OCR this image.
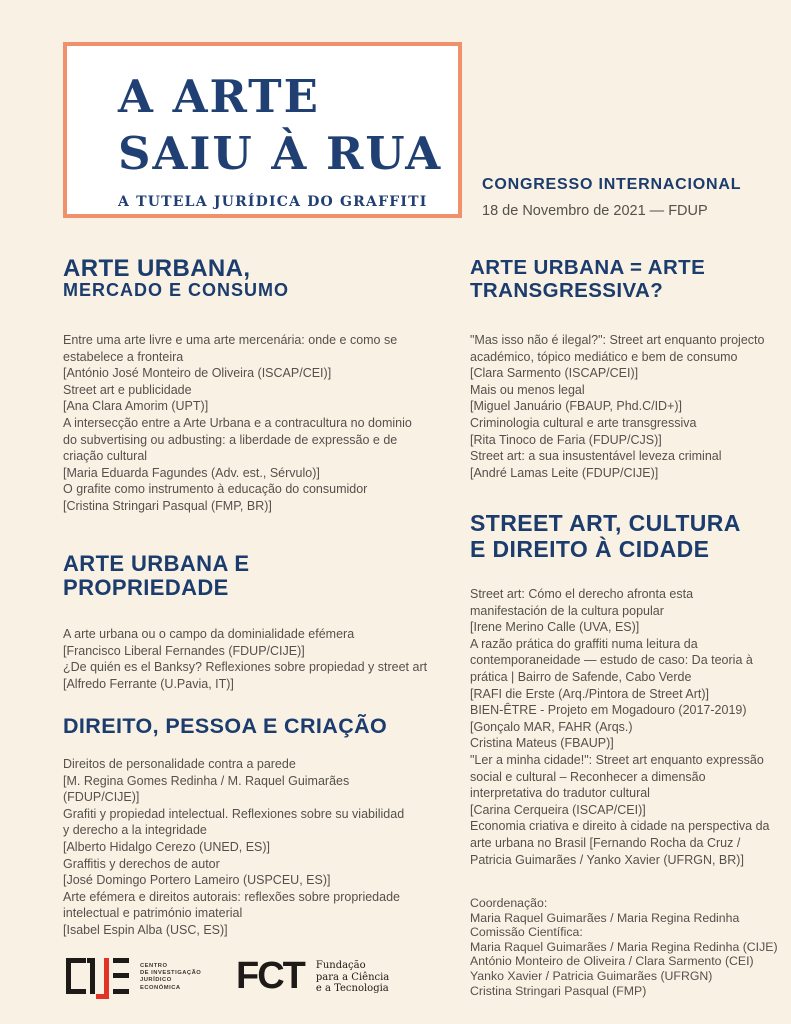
A ARTE
SAIU À RUA
A TUTELA JURÍDICA DO GRAFFITI
CONGRESSO INTERNACIONAL
18 de Novembro de 2021 — FDUP
ARTE URBANA,
MERCADO E CONSUMO
Entre uma arte livre e uma arte mercenária: onde e como se
estabelece a fronteira
[António José Monteiro de Oliveira (ISCAP/CEI)]
Street art e publicidade
[Ana Clara Amorim (UPT)]
A intersecção entre a Arte Urbana e a contracultura no dominio
do subvertising ou adbusting: a liberdade de expressão e de
criação cultural
[Maria Eduarda Fagundes (Adv. est., Sérvulo)]
O grafite como instrumento à educação do consumidor
[Cristina Stringari Pasqual (FMP, BR)]
ARTE URBANA E
PROPRIEDADE
A arte urbana ou o campo da dominialidade efémera
[Francisco Liberal Fernandes (FDUP/CIJE)]
¿De quién es el Banksy? Reflexiones sobre propiedad y street art
[Alfredo Ferrante (U.Pavia, IT)]
DIREITO, PESSOA E CRIAÇÃO
Direitos de personalidade contra a parede
[M. Regina Gomes Redinha / M. Raquel Guimarães
(FDUP/CIJE)]
Grafiti y propiedad intelectual. Reflexiones sobre su viabilidad
y derecho a la integridade
[Alberto Hidalgo Cerezo (UNED, ES)]
Graffitis y derechos de autor
[José Domingo Portero Lameiro (USPCEU, ES)]
Arte efémera e direitos autorais: reflexões sobre propriedade
intelectual e património imaterial
[Isabel Espin Alba (USC, ES)]
ARTE URBANA = ARTE
TRANSGRESSIVA?
"Mas isso não é ilegal?": Street art enquanto projecto
académico, tópico mediático e bem de consumo
[Clara Sarmento (ISCAP/CEI)]
Mais ou menos legal
[Miguel Januário (FBAUP, Phd.C/ID+)]
Criminologia cultural e arte transgressiva
[Rita Tinoco de Faria (FDUP/CJS)]
Street art: a sua insustentável leveza criminal
[André Lamas Leite (FDUP/CIJE)]
STREET ART, CULTURA
E DIREITO À CIDADE
Street art: Cómo el derecho afronta esta
manifestación de la cultura popular
[Irene Merino Calle (UVA, ES)]
A razão prática do graffiti numa leitura da
contemporaneidade — estudo de caso: Da teoria à
prática | Bairro de Safende, Cabo Verde
[RAFI die Erste (Arq./Pintora de Street Art)]
BIEN-ÊTRE - Projeto em Mogadouro (2017-2019)
[Gonçalo MAR, FAHR (Arqs.)
Cristina Mateus (FBAUP)]
"Ler a minha cidade!": Street art enquanto expressão
social e cultural – Reconhecer a dimensão
interpretativa do tradutor cultural
[Carina Cerqueira (ISCAP/CEI)]
Economia criativa e direito à cidade na perspectiva da
arte urbana no Brasil [Fernando Rocha da Cruz /
Patricia Guimarães / Yanko Xavier (UFRGN, BR)]
Coordenação:
Maria Raquel Guimarães / Maria Regina Redinha
Comissão Científica:
Maria Raquel Guimarães / Maria Regina Redinha (CIJE)
António Monteiro de Oliveira / Clara Sarmento (CEI)
Yanko Xavier / Patricia Guimarães (UFRGN)
Cristina Stringari Pasqual (FMP)
CENTRO
DE INVESTIGAÇÃO
JURÍDICO
ECONÓMICA	FCT Fundação
para a Ciência
e a Tecnologia
